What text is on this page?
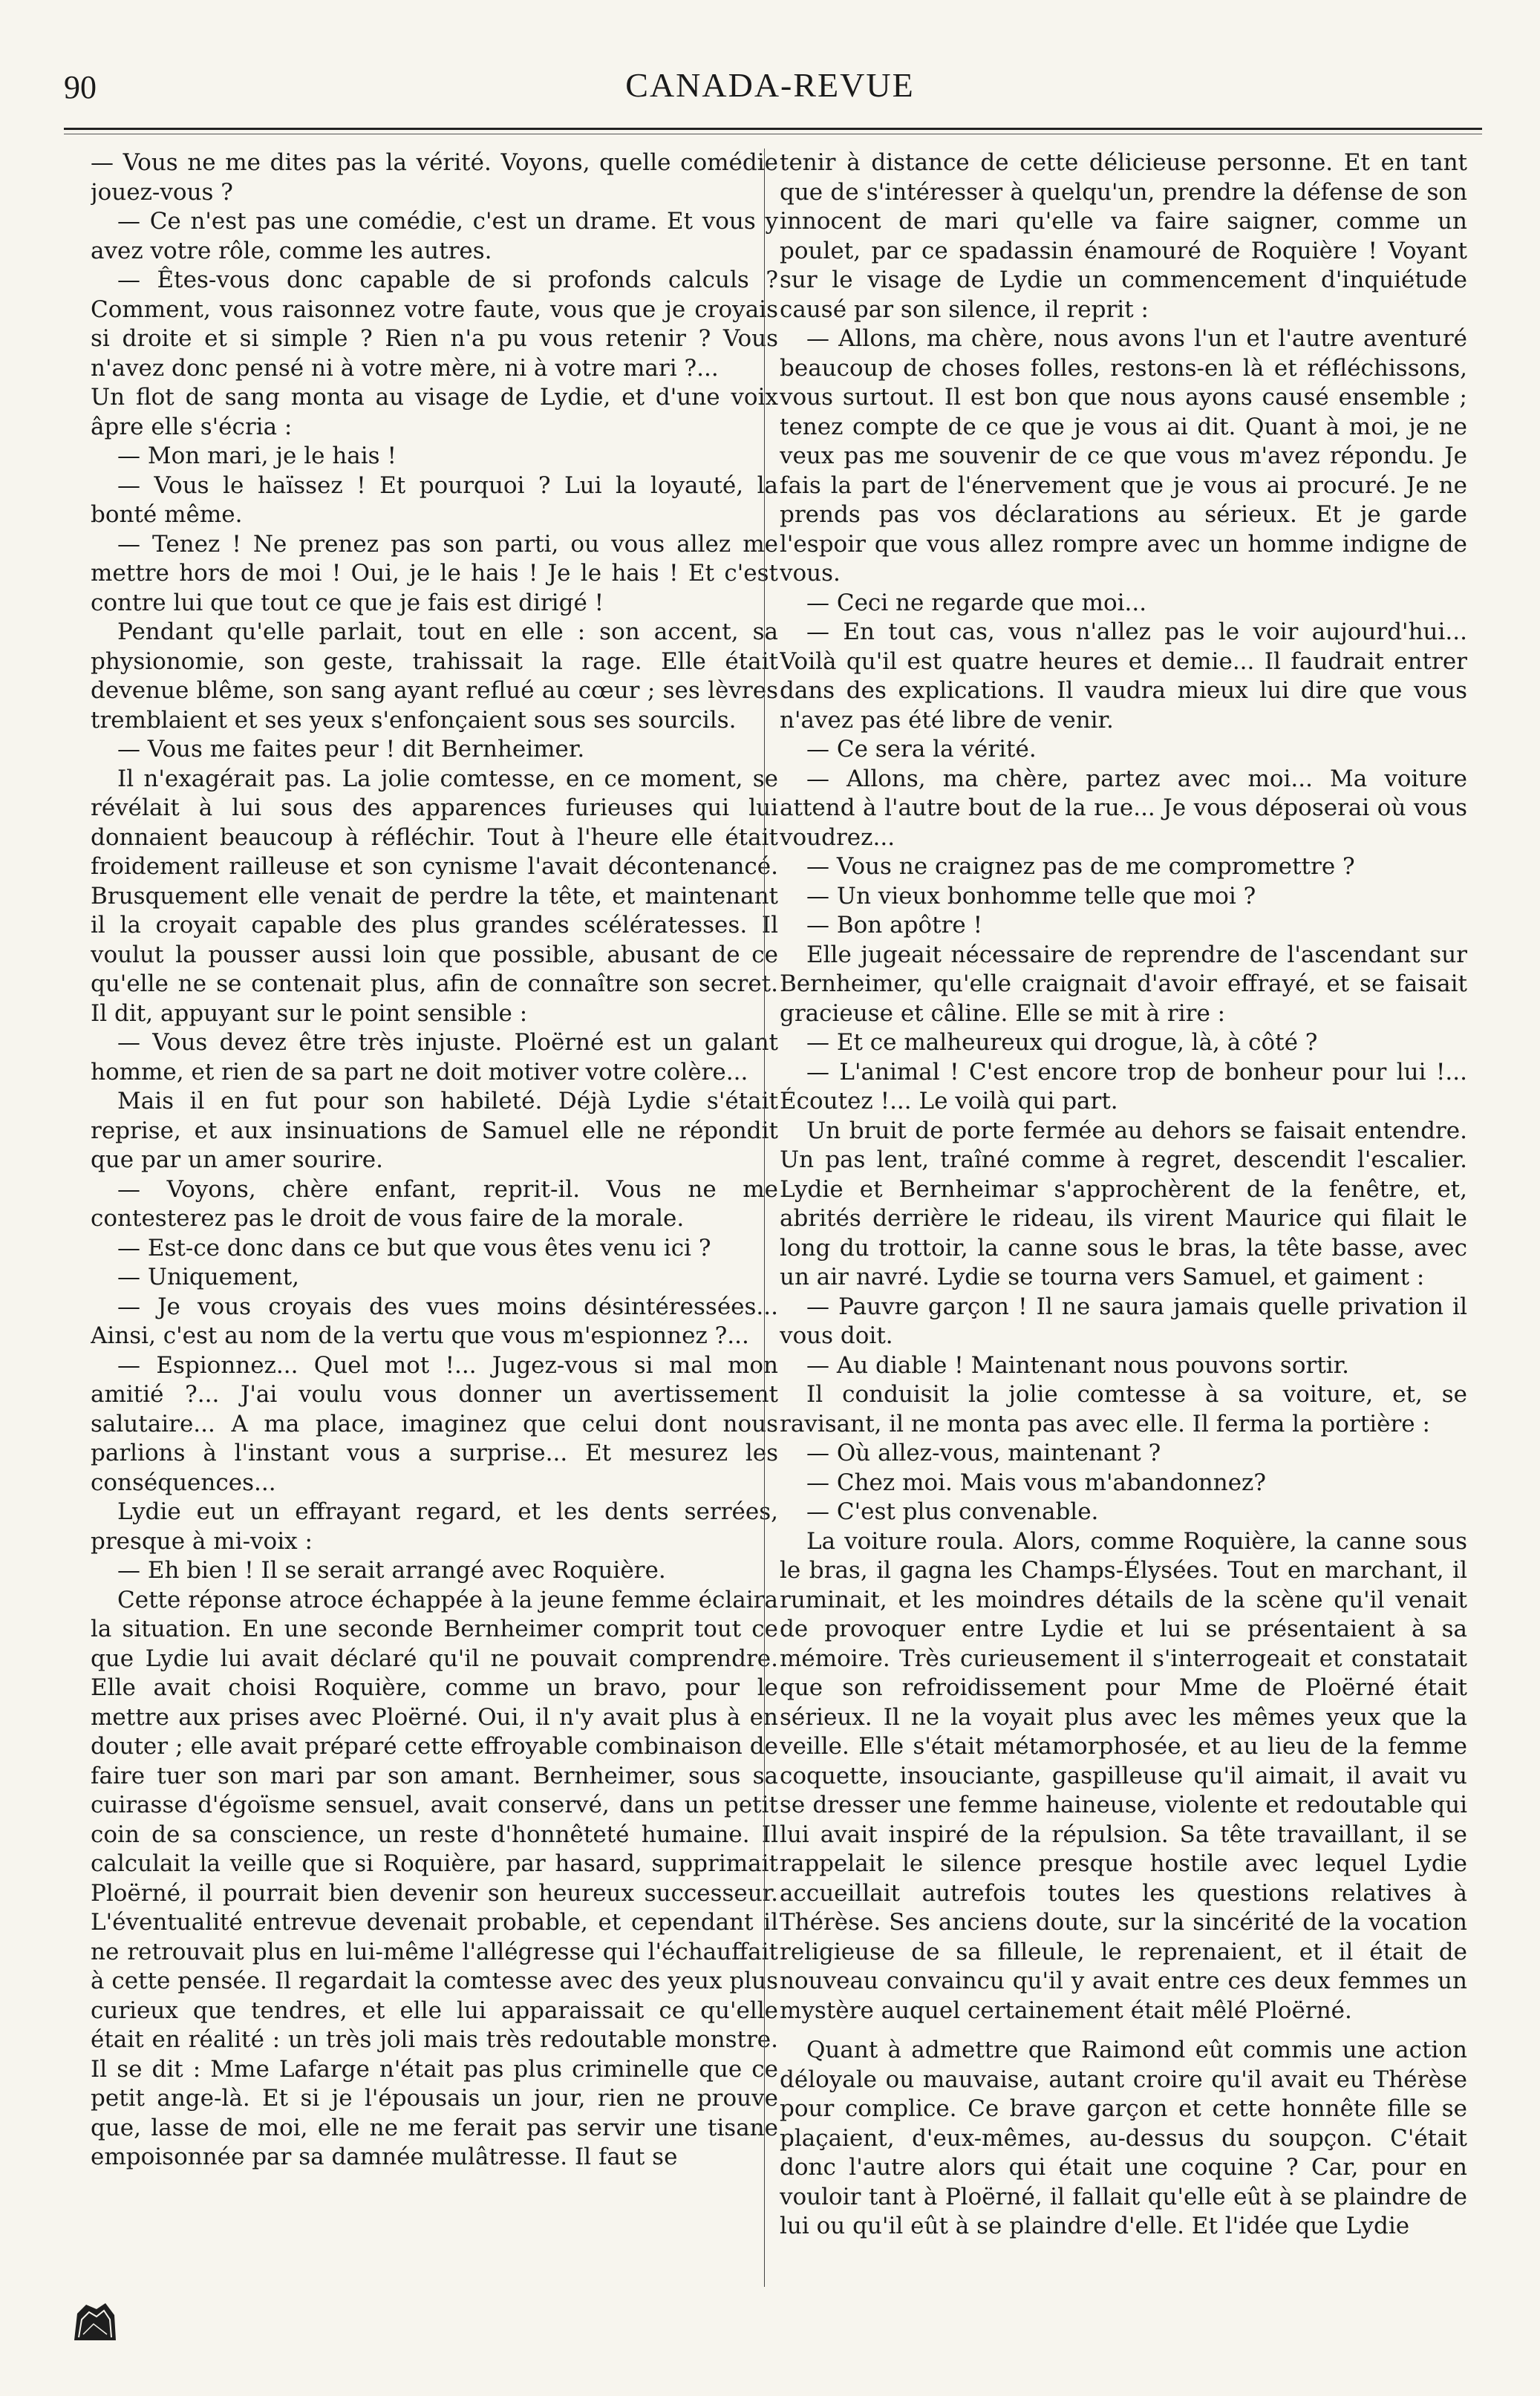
90	CANADA-REVUE

— Vous ne me dites pas la vérité. Voyons, quelle comédie jouez-vous ?

— Ce n'est pas une comédie, c'est un drame. Et vous y avez votre rôle, comme les autres.

— Êtes-vous donc capable de si profonds calculs ? Comment, vous raisonnez votre faute, vous que je croyais si droite et si simple ? Rien n'a pu vous retenir ? Vous n'avez donc pensé ni à votre mère, ni à votre mari ?...

Un flot de sang monta au visage de Lydie, et d'une voix âpre elle s'écria :

— Mon mari, je le hais !

— Vous le haïssez ! Et pourquoi ? Lui la loyauté, la bonté même.

— Tenez ! Ne prenez pas son parti, ou vous allez me mettre hors de moi ! Oui, je le hais ! Je le hais ! Et c'est contre lui que tout ce que je fais est dirigé !

Pendant qu'elle parlait, tout en elle : son accent, sa physionomie, son geste, trahissait la rage. Elle était devenue blême, son sang ayant reflué au cœur ; ses lèvres tremblaient et ses yeux s'enfonçaient sous ses sourcils.

— Vous me faites peur ! dit Bernheimer.

Il n'exagérait pas. La jolie comtesse, en ce moment, se révélait à lui sous des apparences furieuses qui lui donnaient beaucoup à réfléchir. Tout à l'heure elle était froidement railleuse et son cynisme l'avait décontenancé. Brusquement elle venait de perdre la tête, et maintenant il la croyait capable des plus grandes scélératesses. Il voulut la pousser aussi loin que possible, abusant de ce qu'elle ne se contenait plus, afin de connaître son secret. Il dit, appuyant sur le point sensible :

— Vous devez être très injuste. Ploërné est un galant homme, et rien de sa part ne doit motiver votre colère...

Mais il en fut pour son habileté. Déjà Lydie s'était reprise, et aux insinuations de Samuel elle ne répondit que par un amer sourire.

— Voyons, chère enfant, reprit-il. Vous ne me contesterez pas le droit de vous faire de la morale.

— Est-ce donc dans ce but que vous êtes venu ici ?

— Uniquement,

— Je vous croyais des vues moins désintéressées... Ainsi, c'est au nom de la vertu que vous m'espionnez ?...

— Espionnez... Quel mot !... Jugez-vous si mal mon amitié ?... J'ai voulu vous donner un avertissement salutaire... A ma place, imaginez que celui dont nous parlions à l'instant vous a surprise... Et mesurez les conséquences...

Lydie eut un effrayant regard, et les dents serrées, presque à mi-voix :

— Eh bien ! Il se serait arrangé avec Roquière.

Cette réponse atroce échappée à la jeune femme éclaira la situation. En une seconde Bernheimer comprit tout ce que Lydie lui avait déclaré qu'il ne pouvait comprendre. Elle avait choisi Roquière, comme un bravo, pour le mettre aux prises avec Ploërné. Oui, il n'y avait plus à en douter ; elle avait préparé cette effroyable combinaison de faire tuer son mari par son amant. Bernheimer, sous sa cuirasse d'égoïsme sensuel, avait conservé, dans un petit coin de sa conscience, un reste d'honnêteté humaine. Il calculait la veille que si Roquière, par hasard, supprimait Ploërné, il pourrait bien devenir son heureux successeur. L'éventualité entrevue devenait probable, et cependant il ne retrouvait plus en lui-même l'allégresse qui l'échauffait à cette pensée. Il regardait la comtesse avec des yeux plus curieux que tendres, et elle lui apparaissait ce qu'elle était en réalité : un très joli mais très redoutable monstre. Il se dit : Mme Lafarge n'était pas plus criminelle que ce petit ange-là. Et si je l'épousais un jour, rien ne prouve que, lasse de moi, elle ne me ferait pas servir une tisane empoisonnée par sa damnée mulâtresse. Il faut se

tenir à distance de cette délicieuse personne. Et en tant que de s'intéresser à quelqu'un, prendre la défense de son innocent de mari qu'elle va faire saigner, comme un poulet, par ce spadassin énamouré de Roquière ! Voyant sur le visage de Lydie un commencement d'inquiétude causé par son silence, il reprit :

— Allons, ma chère, nous avons l'un et l'autre aventuré beaucoup de choses folles, restons-en là et réfléchissons, vous surtout. Il est bon que nous ayons causé ensemble ; tenez compte de ce que je vous ai dit. Quant à moi, je ne veux pas me souvenir de ce que vous m'avez répondu. Je fais la part de l'énervement que je vous ai procuré. Je ne prends pas vos déclarations au sérieux. Et je garde l'espoir que vous allez rompre avec un homme indigne de vous.

— Ceci ne regarde que moi...

— En tout cas, vous n'allez pas le voir aujourd'hui... Voilà qu'il est quatre heures et demie... Il faudrait entrer dans des explications. Il vaudra mieux lui dire que vous n'avez pas été libre de venir.

— Ce sera la vérité.

— Allons, ma chère, partez avec moi... Ma voiture attend à l'autre bout de la rue... Je vous déposerai où vous voudrez...

— Vous ne craignez pas de me compromettre ?

— Un vieux bonhomme telle que moi ?

— Bon apôtre !

Elle jugeait nécessaire de reprendre de l'ascendant sur Bernheimer, qu'elle craignait d'avoir effrayé, et se faisait gracieuse et câline. Elle se mit à rire :

— Et ce malheureux qui drogue, là, à côté ?

— L'animal ! C'est encore trop de bonheur pour lui !... Écoutez !... Le voilà qui part.

Un bruit de porte fermée au dehors se faisait entendre. Un pas lent, traîné comme à regret, descendit l'escalier. Lydie et Bernheimar s'approchèrent de la fenêtre, et, abrités derrière le rideau, ils virent Maurice qui filait le long du trottoir, la canne sous le bras, la tête basse, avec un air navré. Lydie se tourna vers Samuel, et gaiment :

— Pauvre garçon ! Il ne saura jamais quelle privation il vous doit.

— Au diable ! Maintenant nous pouvons sortir.

Il conduisit la jolie comtesse à sa voiture, et, se ravisant, il ne monta pas avec elle. Il ferma la portière :

— Où allez-vous, maintenant ?

— Chez moi. Mais vous m'abandonnez?

— C'est plus convenable.

La voiture roula. Alors, comme Roquière, la canne sous le bras, il gagna les Champs-Élysées. Tout en marchant, il ruminait, et les moindres détails de la scène qu'il venait de provoquer entre Lydie et lui se présentaient à sa mémoire. Très curieusement il s'interrogeait et constatait que son refroidissement pour Mme de Ploërné était sérieux. Il ne la voyait plus avec les mêmes yeux que la veille. Elle s'était métamorphosée, et au lieu de la femme coquette, insouciante, gaspilleuse qu'il aimait, il avait vu se dresser une femme haineuse, violente et redoutable qui lui avait inspiré de la répulsion. Sa tête travaillant, il se rappelait le silence presque hostile avec lequel Lydie accueillait autrefois toutes les questions relatives à Thérèse. Ses anciens doute, sur la sincérité de la vocation religieuse de sa filleule, le reprenaient, et il était de nouveau convaincu qu'il y avait entre ces deux femmes un mystère auquel certainement était mêlé Ploërné.

Quant à admettre que Raimond eût commis une action déloyale ou mauvaise, autant croire qu'il avait eu Thérèse pour complice. Ce brave garçon et cette honnête fille se plaçaient, d'eux-mêmes, au-dessus du soupçon. C'était donc l'autre alors qui était une coquine ? Car, pour en vouloir tant à Ploërné, il fallait qu'elle eût à se plaindre de lui ou qu'il eût à se plaindre d'elle. Et l'idée que Lydie
